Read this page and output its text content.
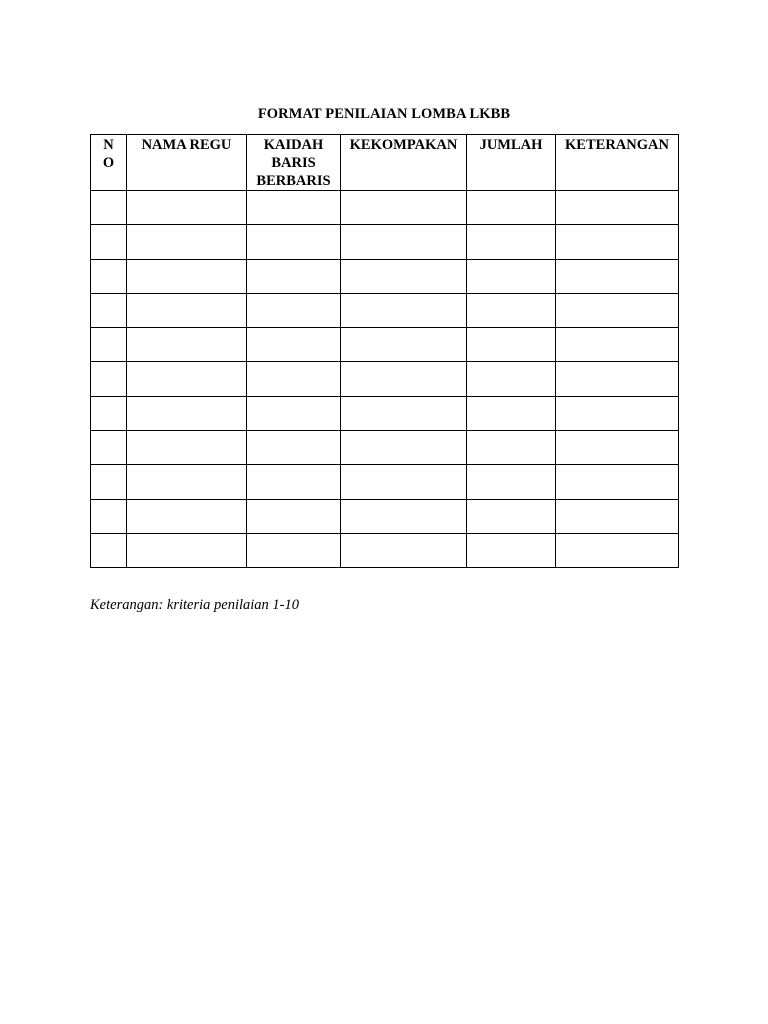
FORMAT PENILAIAN LOMBA LKBB
N
O	NAMA REGU	KAIDAH BARIS BERBARIS	KEKOMPAKAN	JUMLAH	KETERANGAN

Keterangan: kriteria penilaian 1-10
